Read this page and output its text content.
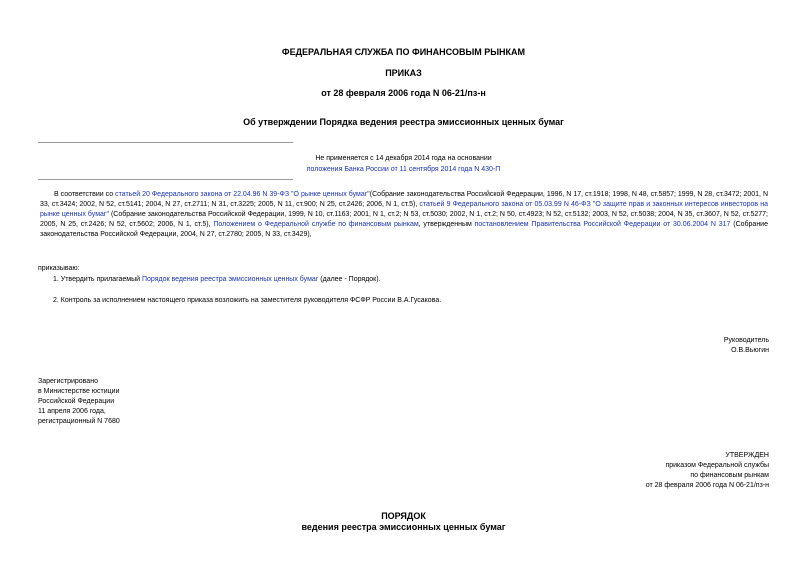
ФЕДЕРАЛЬНАЯ СЛУЖБА ПО ФИНАНСОВЫМ РЫНКАМ
ПРИКАЗ
от 28 февраля 2006 года N 06-21/пз-н
Об утверждении Порядка ведения реестра эмиссионных ценных бумаг
Не применяется с 14 декабря 2014 года на основании
положения Банка России от 11 сентября 2014 года N 430-П
В соответствии со статьей 20 Федерального закона от 22.04.96 N 39-ФЗ "О рынке ценных бумаг"(Собрание законодательства Российской Федерации, 1996, N 17, ст.1918; 1998, N 48, ст.5857; 1999, N 28, ст.3472; 2001, N 33, ст.3424; 2002, N 52, ст.5141; 2004, N 27, ст.2711; N 31, ст.3225; 2005, N 11, ст.900; N 25, ст.2426; 2006, N 1, ст.5), статьей 9 Федерального закона от 05.03.99 N 46-ФЗ "О защите прав и законных интересов инвесторов на рынке ценных бумаг" (Собрание законодательства Российской Федерации, 1999, N 10, ст.1163; 2001, N 1, ст.2; N 53, ст.5030; 2002, N 1, ст.2; N 50, ст.4923; N 52, ст.5132; 2003, N 52, ст.5038; 2004, N 35, ст.3607, N 52, ст.5277; 2005, N 25, ст.2426; N 52, ст.5602; 2006, N 1, ст.5), Положением о Федеральной службе по финансовым рынкам, утвержденным постановлением Правительства Российской Федерации от 30.06.2004 N 317 (Собрание законодательства Российской Федерации, 2004, N 27, ст.2780; 2005, N 33, ст.3429),
приказываю:
1. Утвердить прилагаемый Порядок ведения реестра эмиссионных ценных бумаг (далее - Порядок).
2. Контроль за исполнением настоящего приказа возложить на заместителя руководителя ФСФР России В.А.Гусакова.
Руководитель
О.В.Вьюгин
Зарегистрировано
в Министерстве юстиции
Российской Федерации
11 апреля 2006 года,
регистрационный N 7680
УТВЕРЖДЕН
приказом Федеральной службы
по финансовым рынкам
от 28 февраля 2006 года N 06-21/пз-н
ПОРЯДОК
ведения реестра эмиссионных ценных бумаг
